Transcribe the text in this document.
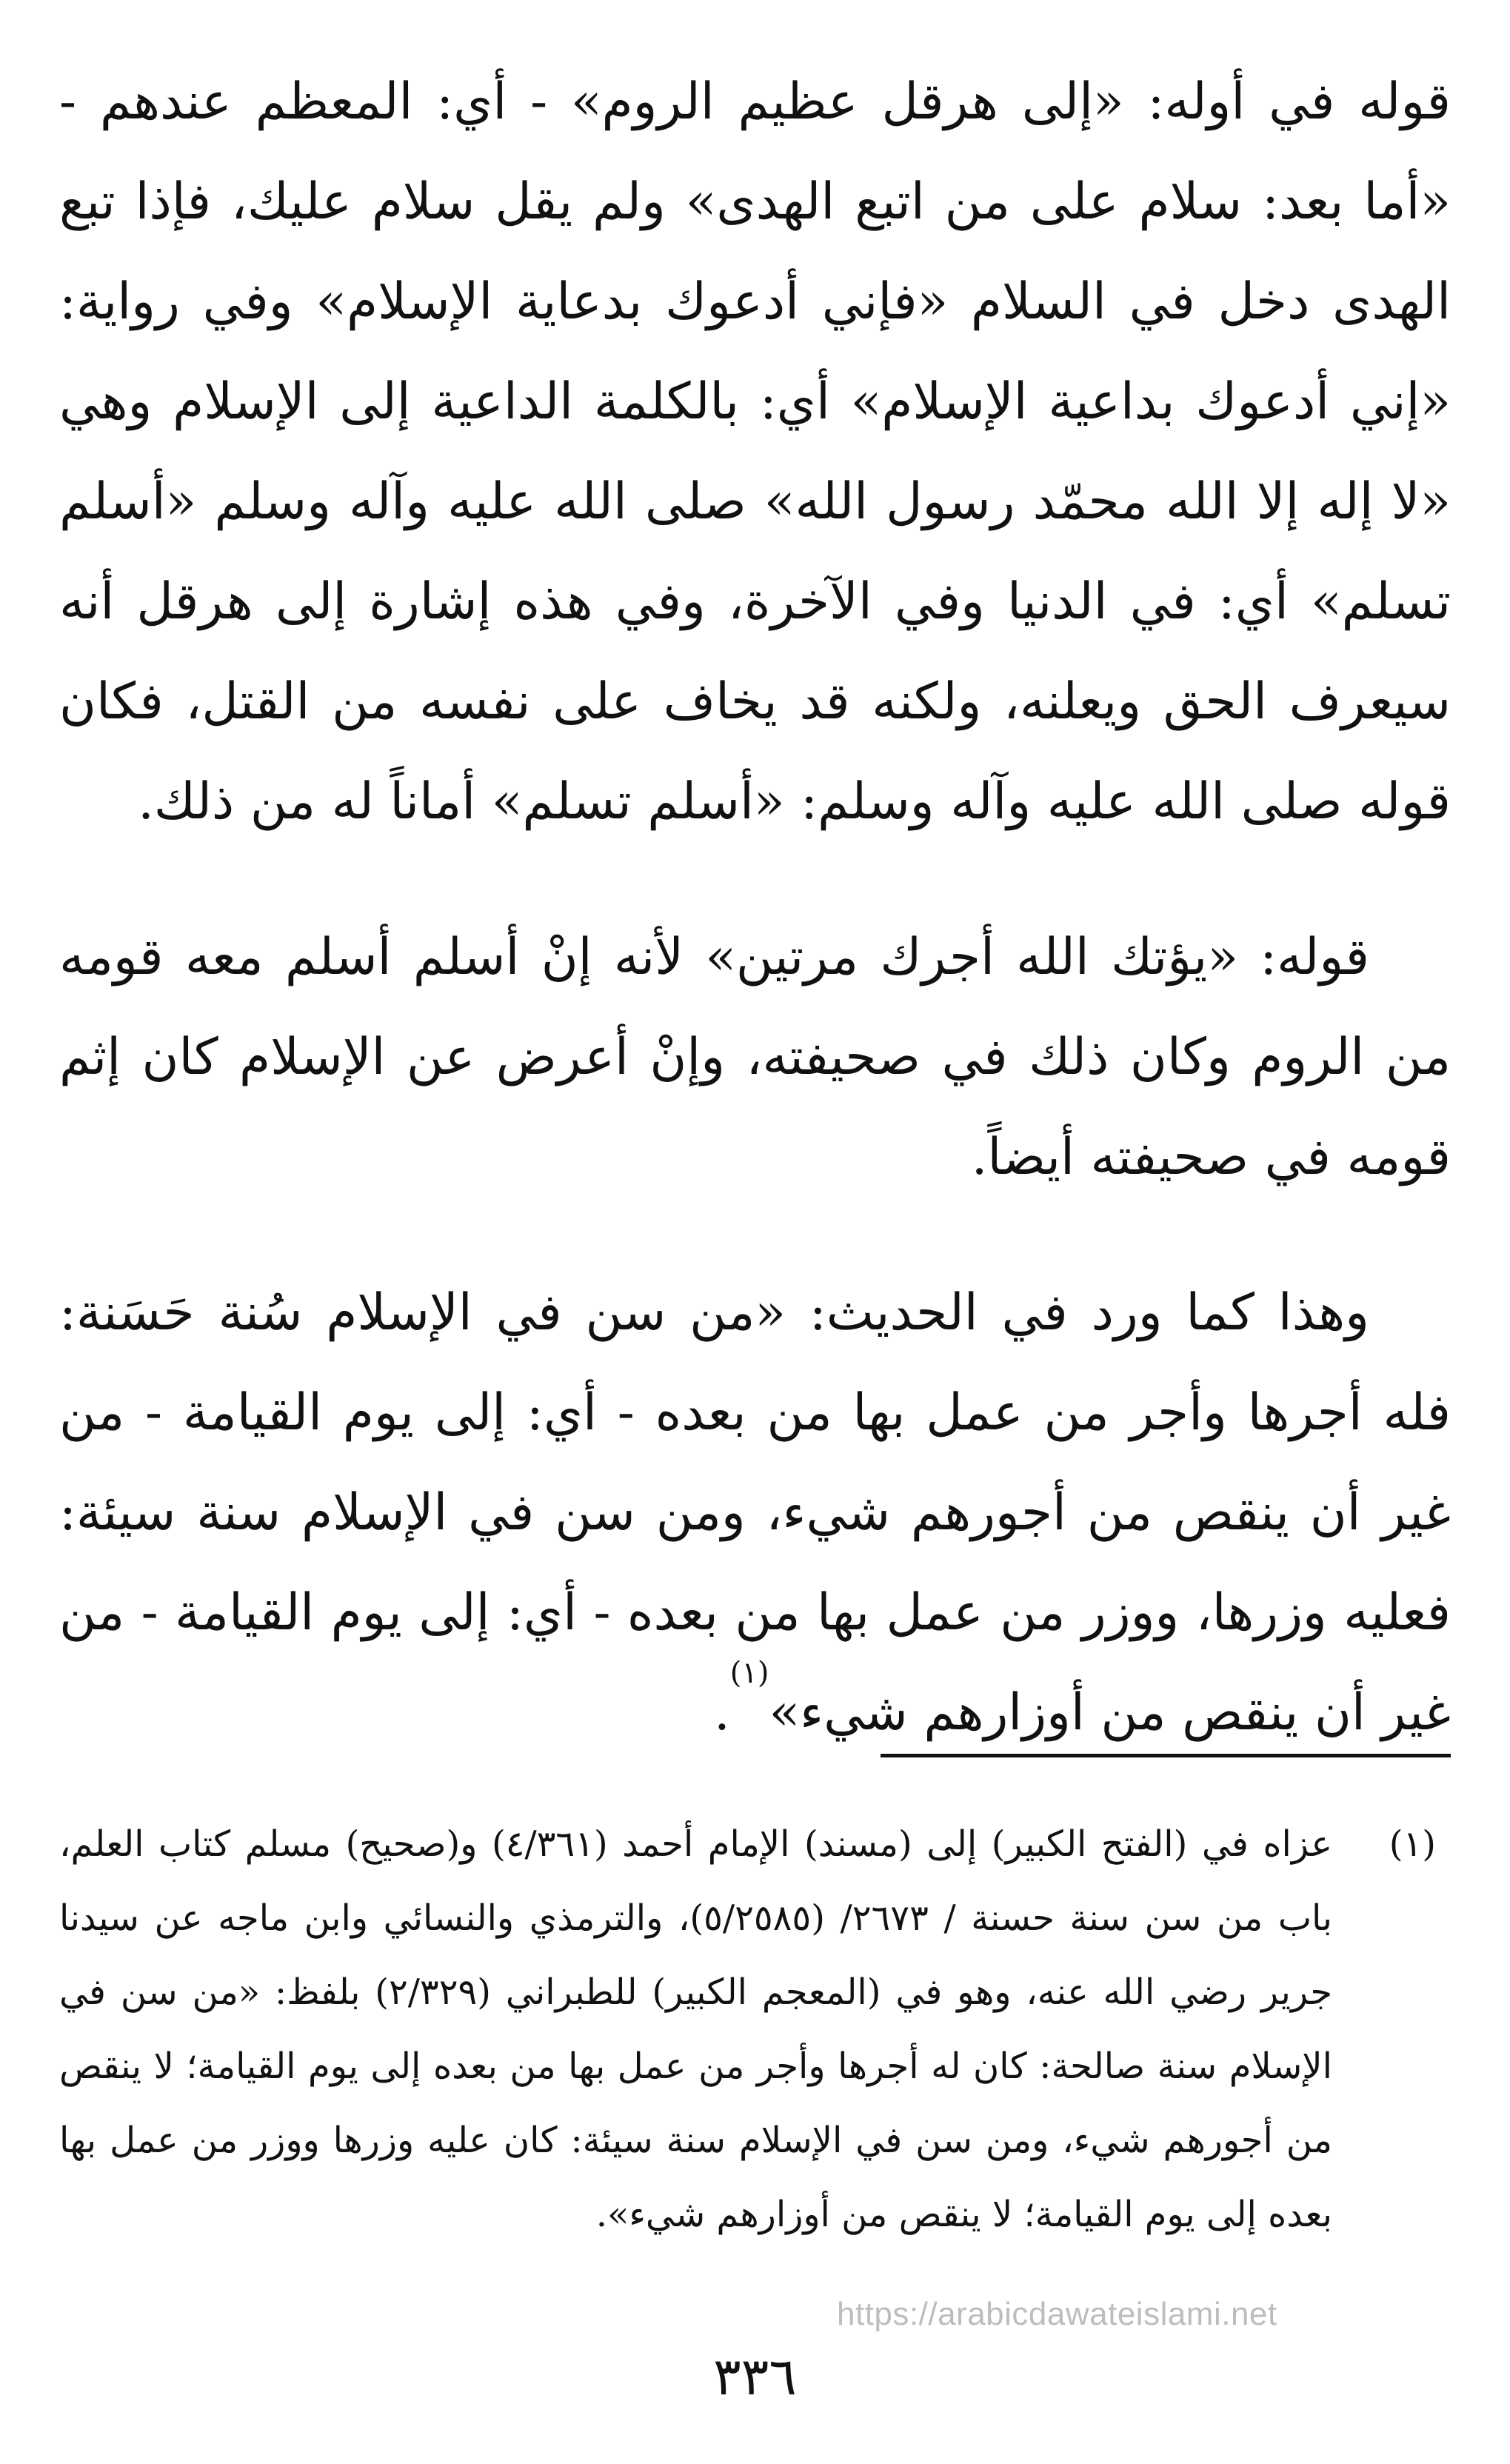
قوله في أوله: «إلى هرقل عظيم الروم» - أي: المعظم عندهم - «أما بعد: سلام على من اتبع الهدى» ولم يقل سلام عليك، فإذا تبع الهدى دخل في السلام «فإني أدعوك بدعاية الإسلام» وفي رواية: «إني أدعوك بداعية الإسلام» أي: بالكلمة الداعية إلى الإسلام وهي «لا إله إلا الله محمّد رسول الله» صلى الله عليه وآله وسلم «أسلم تسلم» أي: في الدنيا وفي الآخرة، وفي هذه إشارة إلى هرقل أنه سيعرف الحق ويعلنه، ولكنه قد يخاف على نفسه من القتل، فكان قوله صلى الله عليه وآله وسلم: «أسلم تسلم» أماناً له من ذلك.

قوله: «يؤتك الله أجرك مرتين» لأنه إنْ أسلم أسلم معه قومه من الروم وكان ذلك في صحيفته، وإنْ أعرض عن الإسلام كان إثم قومه في صحيفته أيضاً.

وهذا كما ورد في الحديث: «من سن في الإسلام سُنة حَسَنة: فله أجرها وأجر من عمل بها من بعده - أي: إلى يوم القيامة - من غير أن ينقص من أجورهم شيء، ومن سن في الإسلام سنة سيئة: فعليه وزرها، ووزر من عمل بها من بعده - أي: إلى يوم القيامة - من غير أن ينقص من أوزارهم شيء»$^{(١)}$.

(١)
عزاه في (الفتح الكبير) إلى (مسند) الإمام أحمد (٤/٣٦١) و(صحيح) مسلم كتاب العلم، باب من سن سنة حسنة / ٢٦٧٣/ (٥/٢٥٨٥)، والترمذي والنسائي وابن ماجه عن سيدنا جرير رضي الله عنه، وهو في (المعجم الكبير) للطبراني (٢/٣٢٩) بلفظ: «من سن في الإسلام سنة صالحة: كان له أجرها وأجر من عمل بها من بعده إلى يوم القيامة؛ لا ينقص من أجورهم شيء، ومن سن في الإسلام سنة سيئة: كان عليه وزرها ووزر من عمل بها بعده إلى يوم القيامة؛ لا ينقص من أوزارهم شيء».
https://arabicdawateislami.net
٣٣٦
